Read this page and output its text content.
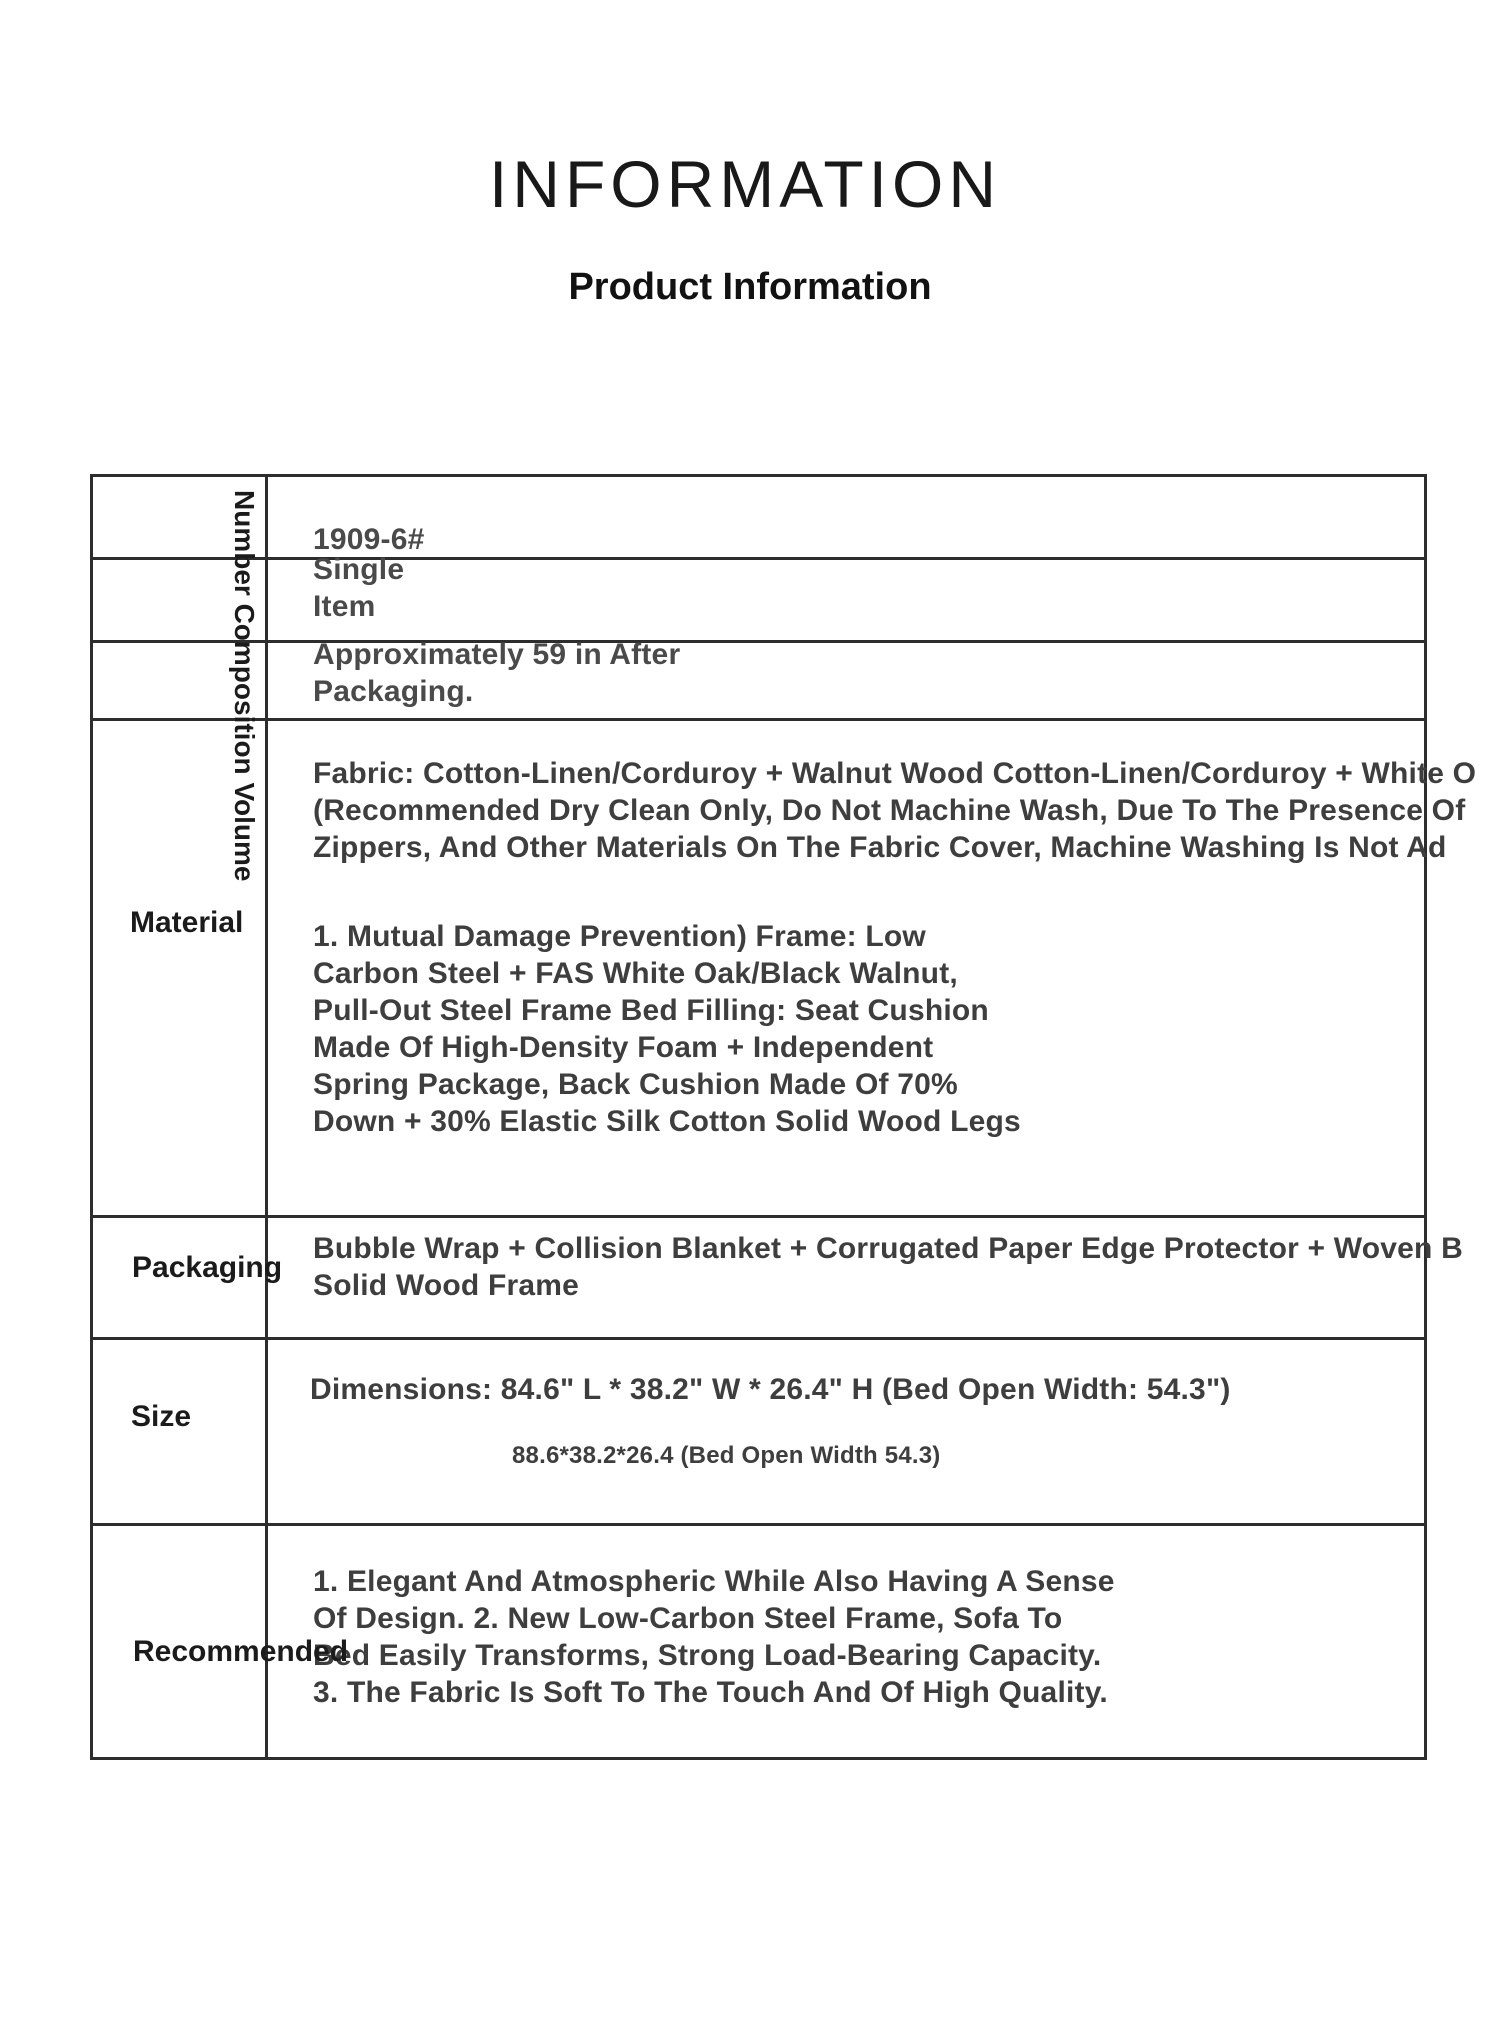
INFORMATION
Product Information
Number Composition Volume 1909-6#
Single
Item
Approximately 59 in After
Packaging.
Material
Fabric: Cotton-Linen/Corduroy + Walnut Wood Cotton-Linen/Corduroy + White O
(Recommended Dry Clean Only, Do Not Machine Wash, Due To The Presence Of
Zippers, And Other Materials On The Fabric Cover, Machine Washing Is Not Ad
1. Mutual Damage Prevention) Frame: Low
Carbon Steel + FAS White Oak/Black Walnut,
Pull-Out Steel Frame Bed Filling: Seat Cushion
Made Of High-Density Foam + Independent
Spring Package, Back Cushion Made Of 70%
Down + 30% Elastic Silk Cotton Solid Wood Legs
Packaging
Bubble Wrap + Collision Blanket + Corrugated Paper Edge Protector + Woven B
Solid Wood Frame
Size
Dimensions: 84.6" L * 38.2" W * 26.4" H (Bed Open Width: 54.3")
88.6*38.2*26.4 (Bed Open Width 54.3)
Recommended
1. Elegant And Atmospheric While Also Having A Sense
Of Design. 2. New Low-Carbon Steel Frame, Sofa To
Bed Easily Transforms, Strong Load-Bearing Capacity.
3. The Fabric Is Soft To The Touch And Of High Quality.
